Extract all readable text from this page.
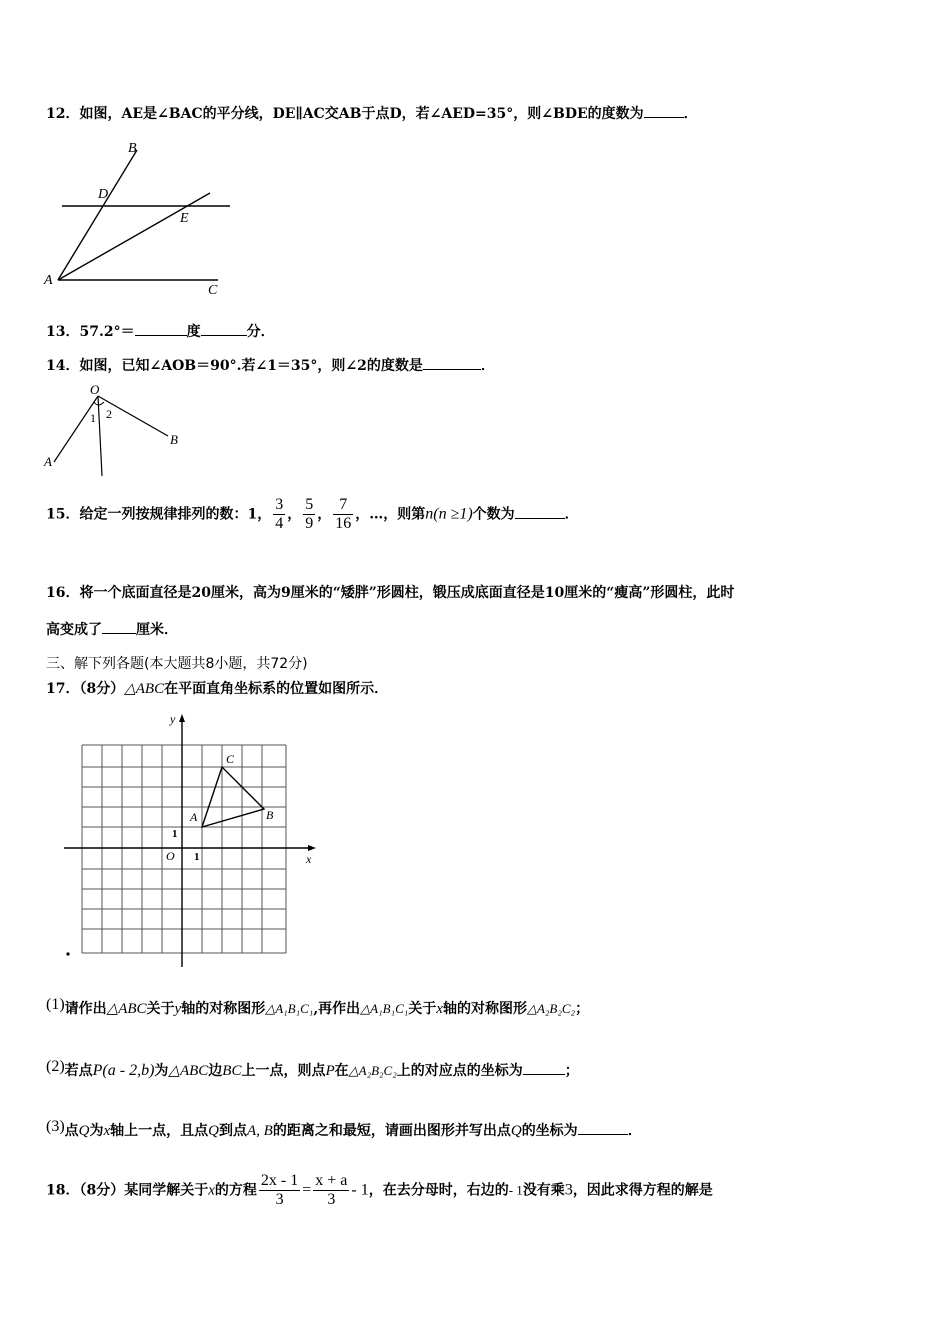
12．如图，AE是∠BAC的平分线，DE∥AC交AB于点D，若∠AED=35°，则∠BDE的度数为	．
B
D
E
A
C
13．57.2°＝	度	分．
14．如图，已知∠AOB＝90°.若∠1＝35°，则∠2的度数是	．
O
1 2
A
B
15．给定一列按规律排列的数：1， $\frac{3}{4}$ ， $\frac{5}{9}$ ， $\frac{7}{16}$ ，…，则第n(n ≥1)个数为	．
16．将一个底面直径是20厘米，高为9厘米的“矮胖”形圆柱，锻压成底面直径是10厘米的“瘦高”形圆柱，此时
高变成了 厘米．
三、解下列各题(本大题共8小题，共72分)
17．（8分）△ABC在平面直角坐标系的位置如图所示．
y
x
O 1
1
A	B
C
(1)请作出△ABC关于y轴的对称图形△A₁B₁C₁,再作出△A₁B₁C₁关于x轴的对称图形△A₂B₂C₂；
(2)若点P(a - 2,b)为△ABC边BC上一点，则点P在△A₂B₂C₂上的对应点的坐标为	；
(3)点Q为x轴上一点，且点Q到点A, B的距离之和最短，请画出图形并写出点Q的坐标为	．
18．（8分）某同学解关于x的方程 $\frac{2x - 1}{3} = \frac{x + a}{3} - 1$，在去分母时，右边的- 1没有乘3，因此求得方程的解是
